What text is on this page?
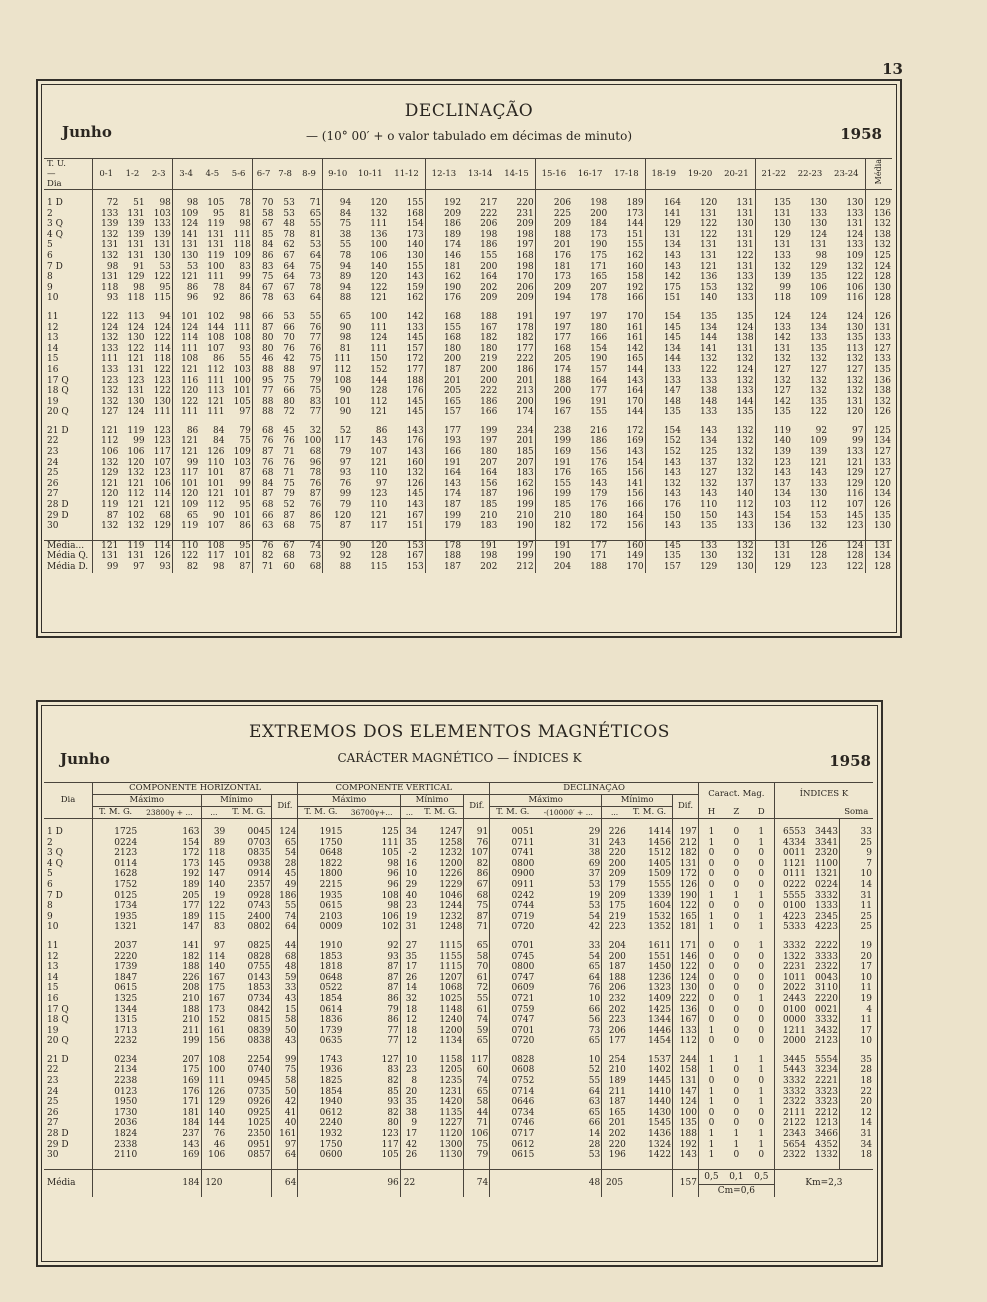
13
DECLINAÇÃO
Junho	— (10° 00′ + o valor tabulado em décimas de minuto)	1958
T. U.
—
Dia	0-1	1-2	2-3	3-4	4-5	5-6	6-7	7-8	8-9	9-10	10-11	11-12	12-13	13-14	14-15	15-16	16-17	17-18	18-19	19-20	20-21	21-22	22-23	23-24	Média

1 D	72	51	98	98	105	78	70	53	71	94	120	155	192	217	220	206	198	189	164	120	131	135	130	130	129
2	133	131	103	109	95	81	58	53	65	84	132	168	209	222	231	225	200	173	141	131	131	131	133	133	136
3 Q	139	139	133	124	119	98	67	48	55	75	111	154	186	206	209	209	184	144	129	122	130	130	130	131	132
4 Q	132	139	139	141	131	111	85	78	81	38	136	173	189	198	198	188	173	151	131	122	131	129	124	124	138
5	131	131	131	131	131	118	84	62	53	55	100	140	174	186	197	201	190	155	134	131	131	131	131	133	132
6	132	131	130	130	119	109	86	67	64	78	106	130	146	155	168	176	175	162	143	131	122	133	98	109	125
7 D	98	91	53	53	100	83	83	64	75	94	140	155	181	200	198	181	171	160	143	121	131	132	129	132	124
8	131	129	122	121	111	99	75	64	73	89	120	143	162	164	170	173	165	158	142	136	133	139	135	122	128
9	118	98	95	86	78	84	67	67	78	94	122	159	190	202	206	209	207	192	175	153	132	99	106	106	130
10	93	118	115	96	92	86	78	63	64	88	121	162	176	209	209	194	178	166	151	140	133	118	109	116	128

11	122	113	94	101	102	98	66	53	55	65	100	142	168	188	191	197	197	170	154	135	135	124	124	124	126
12	124	124	124	124	144	111	87	66	76	90	111	133	155	167	178	197	180	161	145	134	124	133	134	130	131
13	132	130	122	114	108	108	80	70	77	98	124	145	168	182	182	177	166	161	145	144	138	142	133	135	133
14	133	122	114	111	107	93	80	76	76	81	111	157	180	180	177	168	154	142	134	141	131	131	135	113	127
15	111	121	118	108	86	55	46	42	75	111	150	172	200	219	222	205	190	165	144	132	132	132	132	132	133
16	133	131	122	121	112	103	88	88	97	112	152	177	187	200	186	174	157	144	133	122	124	127	127	127	135
17 Q	123	123	123	116	111	100	95	75	79	108	144	188	201	200	201	188	164	143	133	133	132	132	132	132	136
18 Q	132	131	122	120	113	101	77	66	75	90	128	176	205	222	213	200	177	164	147	138	133	127	132	132	138
19	132	130	130	122	121	105	88	80	83	101	112	145	165	186	200	196	191	170	148	148	144	142	135	131	132
20 Q	127	124	111	111	111	97	88	72	77	90	121	145	157	166	174	167	155	144	135	133	135	135	122	120	126

21 D	121	119	123	86	84	79	68	45	32	52	86	143	177	199	234	238	216	172	154	143	132	119	92	97	125
22	112	99	123	121	84	75	76	76	100	117	143	176	193	197	201	199	186	169	152	134	132	140	109	99	134
23	106	106	117	121	126	109	87	71	68	79	107	143	166	180	185	169	156	143	152	125	132	139	139	133	127
24	132	120	107	99	110	103	76	76	96	97	121	160	191	207	207	191	176	154	143	137	132	123	121	121	133
25	129	132	123	117	101	87	68	71	78	93	110	132	164	164	183	176	165	156	143	127	132	143	143	129	127
26	121	121	106	101	101	99	84	75	76	76	97	126	143	156	162	155	143	141	132	132	137	137	133	129	120
27	120	112	114	120	121	101	87	79	87	99	123	145	174	187	196	199	179	156	143	143	140	134	130	116	134
28 D	119	121	121	109	112	95	68	52	76	79	110	143	187	185	199	185	176	166	176	110	112	103	112	107	126
29 D	87	102	68	65	90	101	66	87	86	120	121	167	199	210	210	210	180	164	150	150	143	154	153	145	135
30	132	132	129	119	107	86	63	68	75	87	117	151	179	183	190	182	172	156	143	135	133	136	132	123	130

Média...	121	119	114	110	108	95	76	67	74	90	120	153	178	191	197	191	177	160	145	133	132	131	126	124	131
Média Q.	131	131	126	122	117	101	82	68	73	92	128	167	188	198	199	190	171	149	135	130	132	131	128	128	134
Média D.	99	97	93	82	98	87	71	60	68	88	115	153	187	202	212	204	188	170	157	129	130	129	123	122	128
EXTREMOS DOS ELEMENTOS MAGNÉTICOS
Junho	CARÁCTER MAGNÉTICO — ÍNDICES K	1958
Dia	COMPONENTE HORIZONTAL					COMPONENTE VERTICAL					DECLINAÇÃO					Caract. Mag.			ÍNDICES K		
	Máximo		Mínimo		Dif.	Máximo		Mínimo		Dif.	Máximo		Mínimo		Dif.						
	T. M. G.	23800γ + ...	...	T. M. G.		T. M. G.	36700γ+...	...	T. M. G.		T. M. G.	-(10000′ + ...	...	T. M. G.		H	Z	D			Soma

1 D	1725	163	39	0045	124	1915	125	34	1247	91	0051	29	226	1414	197	1	0	1	6553	3443	33
2	0224	154	89	0703	65	1750	111	35	1258	76	0711	31	243	1456	212	1	0	1	4334	3341	25
3 Q	2123	172	118	0835	54	0648	105	-2	1232	107	0741	38	220	1512	182	0	0	0	0011	2320	9
4 Q	0114	173	145	0938	28	1822	98	16	1200	82	0800	69	200	1405	131	0	0	0	1121	1100	7
5	1628	192	147	0914	45	1800	96	10	1226	86	0900	37	209	1509	172	0	0	0	0111	1321	10
6	1752	189	140	2357	49	2215	96	29	1229	67	0911	53	179	1555	126	0	0	0	0222	0224	14
7 D	0125	205	19	0928	186	1935	108	40	1046	68	0242	19	209	1339	190	1	1	1	5555	3332	31
8	1734	177	122	0743	55	0615	98	23	1244	75	0744	53	175	1604	122	0	0	0	0100	1333	11
9	1935	189	115	2400	74	2103	106	19	1232	87	0719	54	219	1532	165	1	0	1	4223	2345	25
10	1321	147	83	0802	64	0009	102	31	1248	71	0720	42	223	1352	181	1	0	1	5333	4223	25

11	2037	141	97	0825	44	1910	92	27	1115	65	0701	33	204	1611	171	0	0	1	3332	2222	19
12	2220	182	114	0828	68	1853	93	35	1155	58	0745	54	200	1551	146	0	0	0	1322	3333	20
13	1739	188	140	0755	48	1818	87	17	1115	70	0800	65	187	1450	122	0	0	0	2231	2322	17
14	1847	226	167	0143	59	0648	87	26	1207	61	0747	64	188	1236	124	0	0	0	1011	0043	10
15	0615	208	175	1853	33	0522	87	14	1068	72	0609	76	206	1323	130	0	0	0	2022	3110	11
16	1325	210	167	0734	43	1854	86	32	1025	55	0721	10	232	1409	222	0	0	1	2443	2220	19
17 Q	1344	188	173	0842	15	0614	79	18	1148	61	0759	66	202	1425	136	0	0	0	0100	0021	4
18 Q	1315	210	152	0815	58	1836	86	12	1240	74	0747	56	223	1344	167	0	0	0	0000	3332	11
19	1713	211	161	0839	50	1739	77	18	1200	59	0701	73	206	1446	133	1	0	0	1211	3432	17
20 Q	2232	199	156	0838	43	0635	77	12	1134	65	0720	65	177	1454	112	0	0	0	2000	2123	10

21 D	0234	207	108	2254	99	1743	127	10	1158	117	0828	10	254	1537	244	1	1	1	3445	5554	35
22	2134	175	100	0740	75	1936	83	23	1205	60	0608	52	210	1402	158	1	0	1	5443	3234	28
23	2238	169	111	0945	58	1825	82	8	1235	74	0752	55	189	1445	131	0	0	0	3332	2221	18
24	0123	176	126	0735	50	1854	85	20	1231	65	0714	64	211	1410	147	1	0	1	3332	3323	22
25	1950	171	129	0926	42	1940	93	35	1420	58	0646	63	187	1440	124	1	0	1	2322	3323	20
26	1730	181	140	0925	41	0612	82	38	1135	44	0734	65	165	1430	100	0	0	0	2111	2212	12
27	2036	184	144	1025	40	2240	80	9	1227	71	0746	66	201	1545	135	0	0	0	2122	1213	14
28 D	1824	237	76	2350	161	1932	123	17	1120	106	0717	14	202	1436	188	1	1	1	2343	3466	31
29 D	2338	143	46	0951	97	1750	117	42	1300	75	0612	28	220	1324	192	1	1	1	5654	4352	34
30	2110	169	106	0857	64	0600	105	26	1130	79	0615	53	196	1422	143	1	0	0	2322	1332	18

Média		184	120		64		96	22		74		48	205		157	0,5	0,1	0,5	Km=2,3		
																Cm=0,6					
